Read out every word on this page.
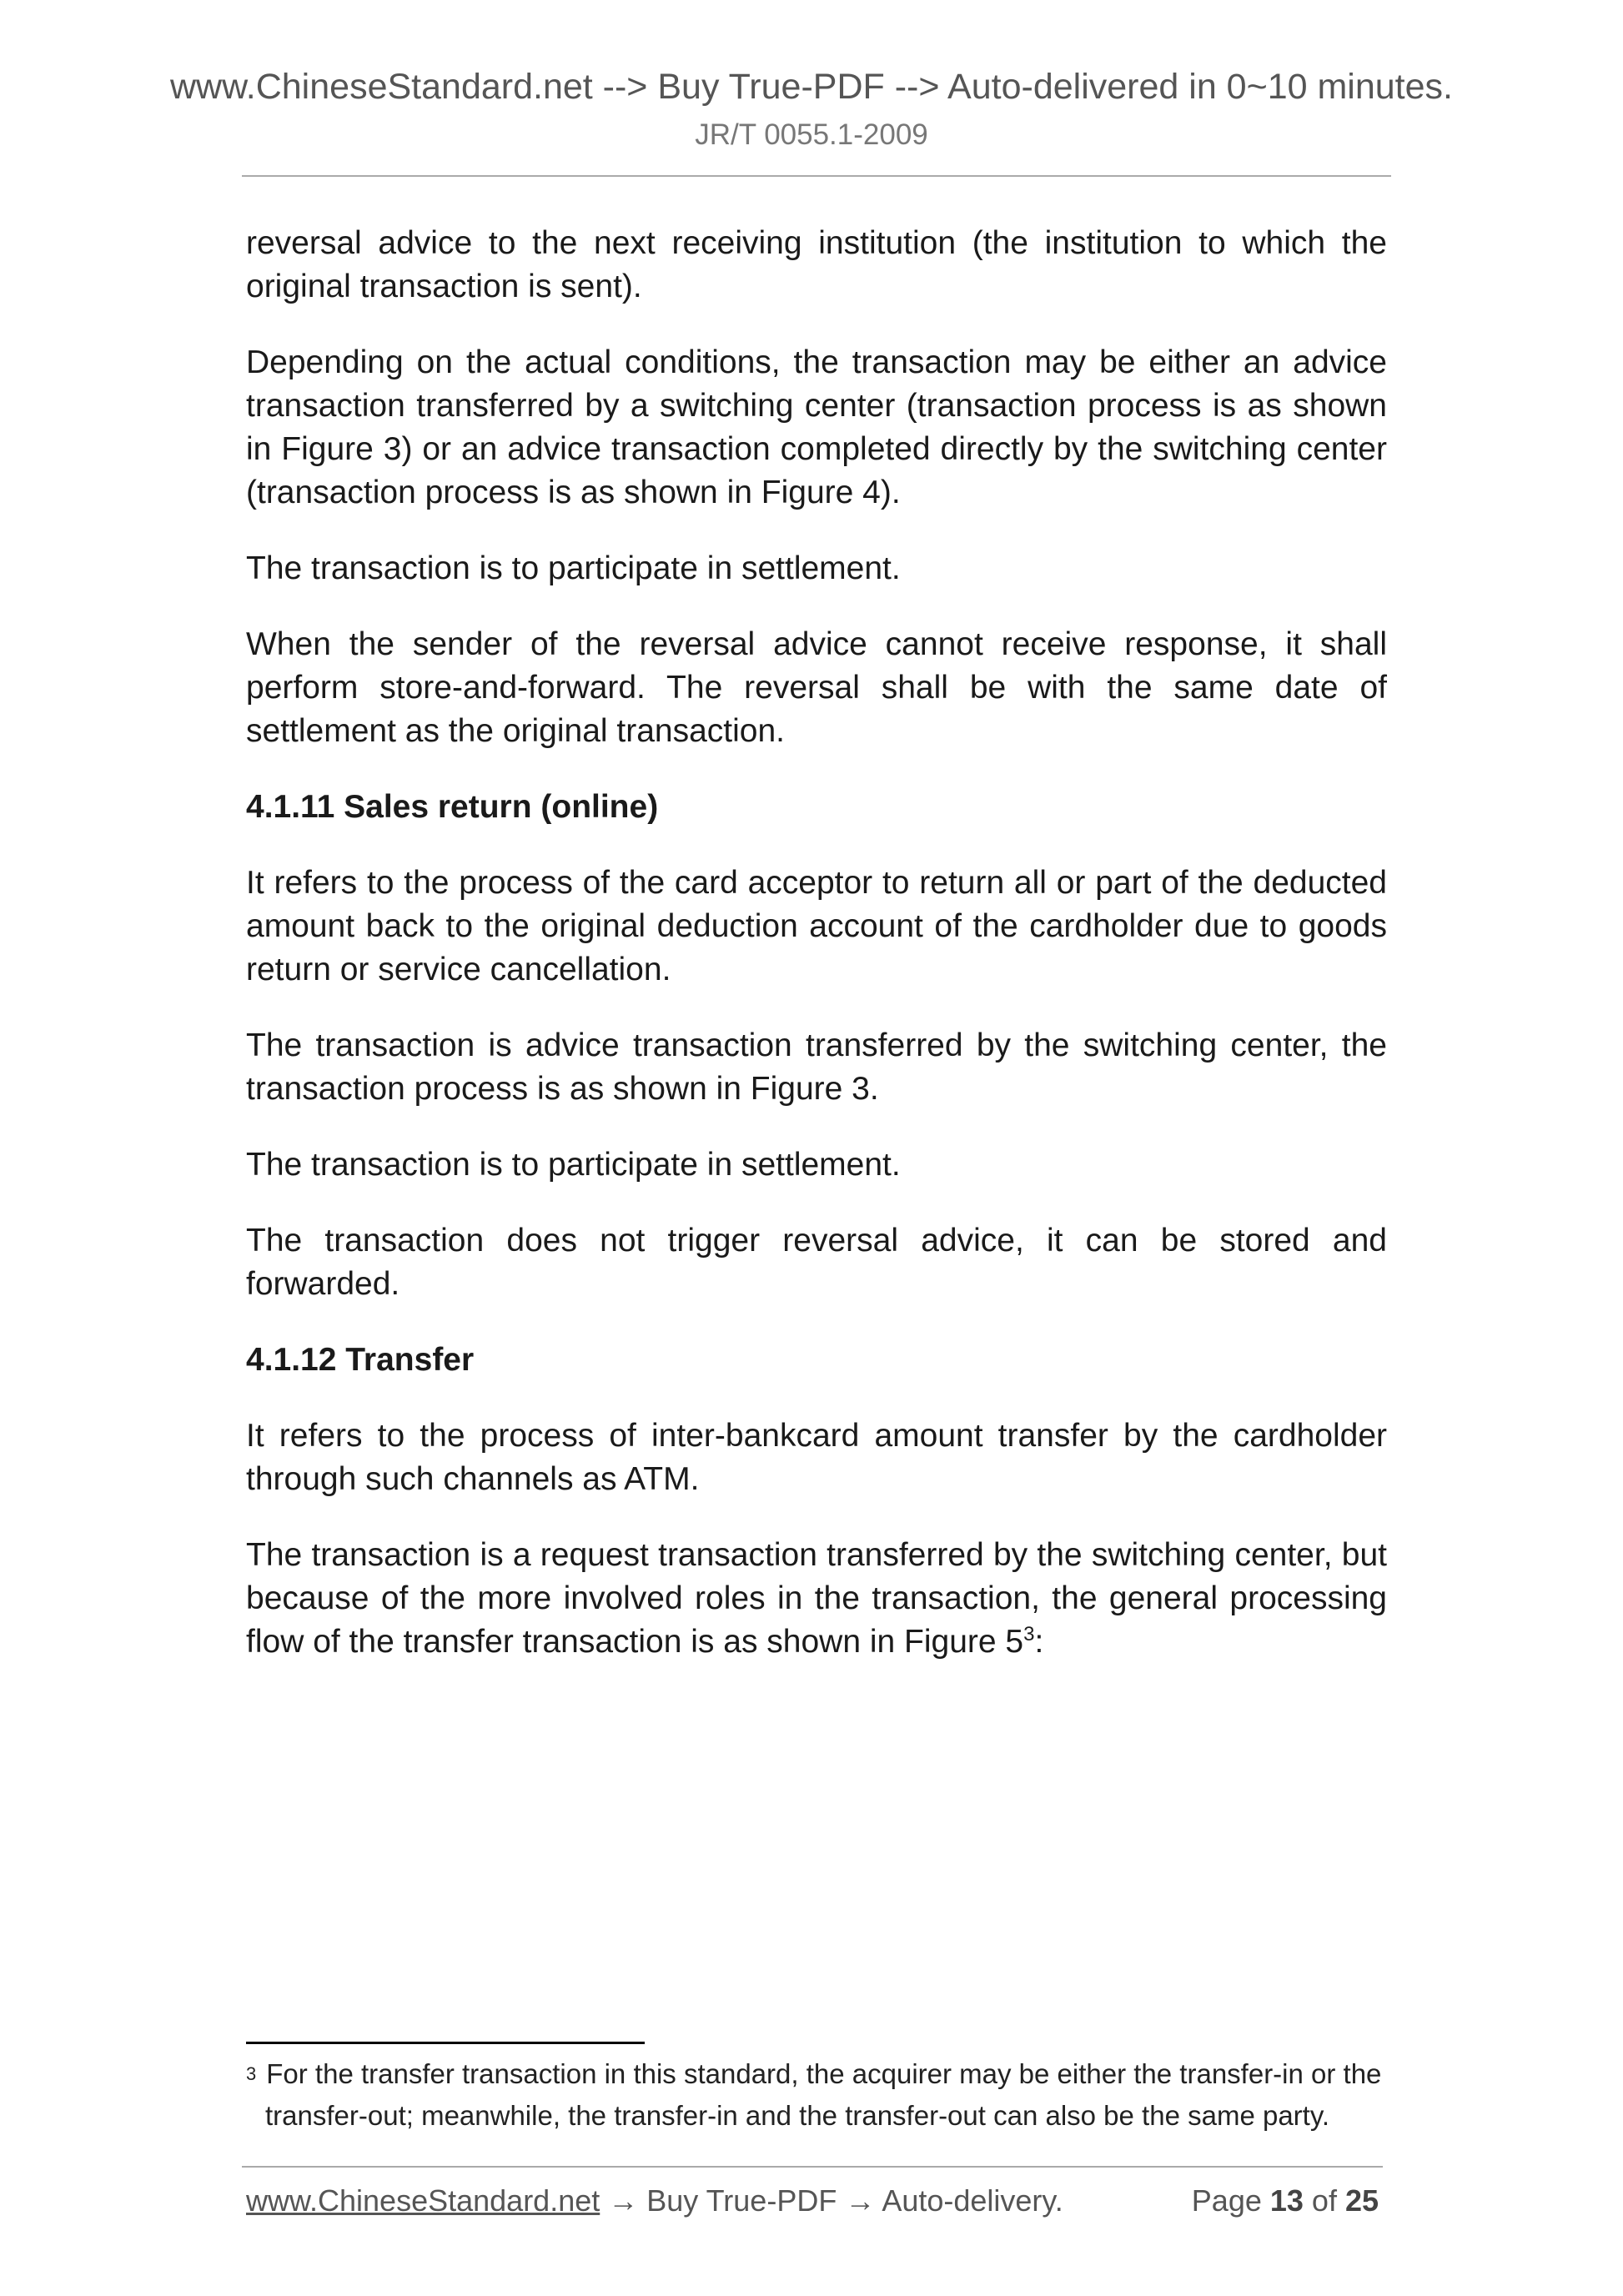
www.ChineseStandard.net --> Buy True-PDF --> Auto-delivered in 0~10 minutes.
JR/T 0055.1-2009

reversal advice to the next receiving institution (the institution to which the original transaction is sent).

Depending on the actual conditions, the transaction may be either an advice transaction transferred by a switching center (transaction process is as shown in Figure 3) or an advice transaction completed directly by the switching center (transaction process is as shown in Figure 4).

The transaction is to participate in settlement.

When the sender of the reversal advice cannot receive response, it shall perform store-and-forward. The reversal shall be with the same date of settlement as the original transaction.

4.1.11 Sales return (online)

It refers to the process of the card acceptor to return all or part of the deducted amount back to the original deduction account of the cardholder due to goods return or service cancellation.

The transaction is advice transaction transferred by the switching center, the transaction process is as shown in Figure 3.

The transaction is to participate in settlement.

The transaction does not trigger reversal advice, it can be stored and forwarded.

4.1.12 Transfer

It refers to the process of inter-bankcard amount transfer by the cardholder through such channels as ATM.

The transaction is a request transaction transferred by the switching center, but because of the more involved roles in the transaction, the general processing flow of the transfer transaction is as shown in Figure $5^3$:

$^3$ For the transfer transaction in this standard, the acquirer may be either the transfer-in or the
transfer-out; meanwhile, the transfer-in and the transfer-out can also be the same party.
www.ChineseStandard.net → Buy True-PDF → Auto-delivery.	Page 13 of 25
